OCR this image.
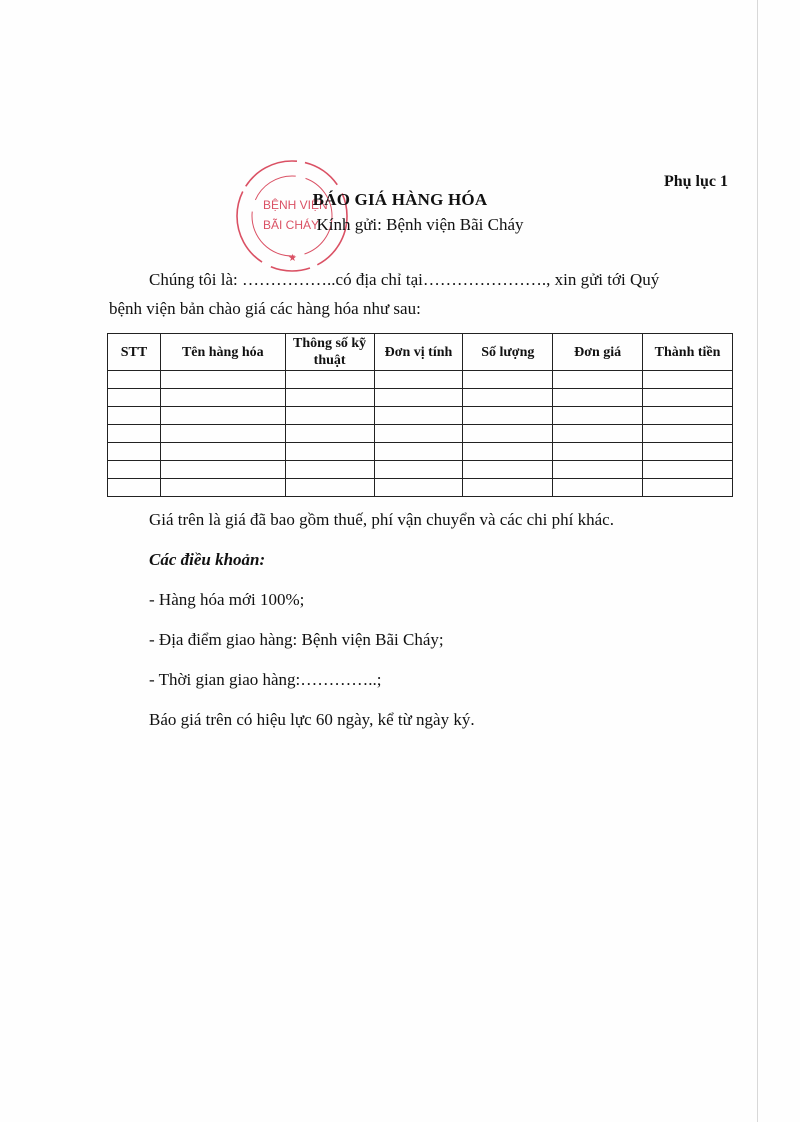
Phụ lục 1
BỆNH VIỆN
BÃI CHÁY
★
BÁO GIÁ HÀNG HÓA
Kính gửi: Bệnh viện Bãi Cháy
Chúng tôi là: ……………..có địa chỉ tại…………………., xin gửi tới Quý
bệnh viện bản chào giá các hàng hóa như sau:
STT	Tên hàng hóa	Thông số kỹ thuật	Đơn vị tính	Số lượng	Đơn giá	Thành tiền

Giá trên là giá đã bao gồm thuế, phí vận chuyển và các chi phí khác.
Các điều khoản:
- Hàng hóa mới 100%;
- Địa điểm giao hàng: Bệnh viện Bãi Cháy;
- Thời gian giao hàng:…………..;
Báo giá trên có hiệu lực 60 ngày, kể từ ngày ký.
